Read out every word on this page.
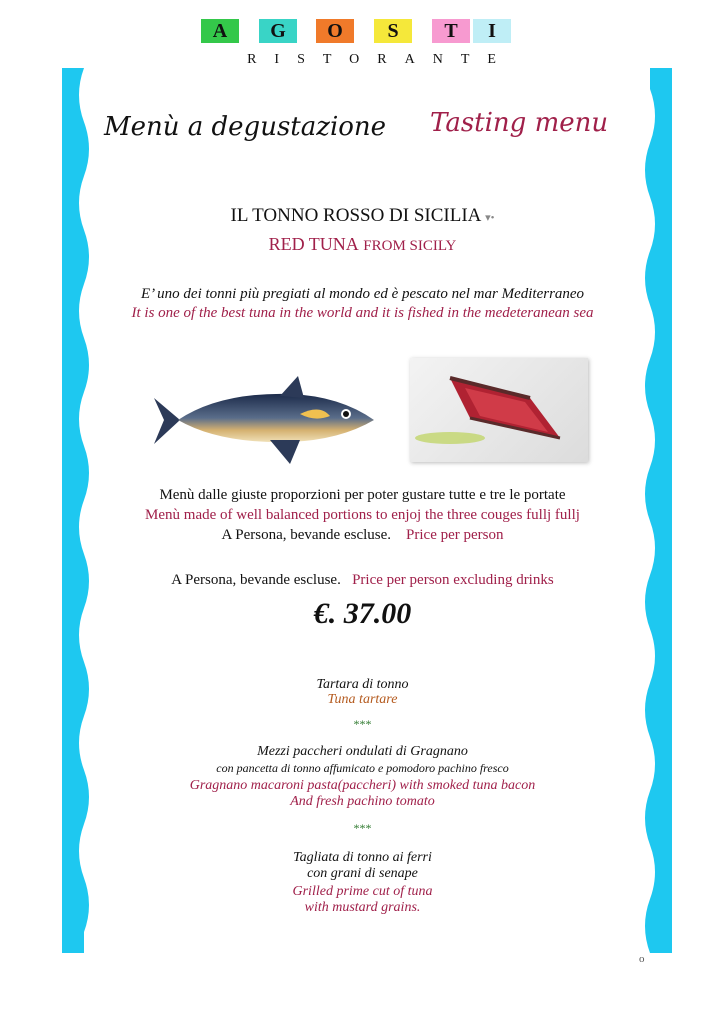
A	G	O	S	T	I
RISTORANTE
Menù a degustazione Tasting menu
IL TONNO ROSSO DI SICILIA ▾•
RED TUNA FROM SICILY
E’ uno dei tonni più pregiati al mondo ed è pescato nel mar Mediterraneo
It is one of the best tuna in the world and it is fished in the medeteranean sea
Menù dalle giuste proporzioni per poter gustare tutte e tre le portate
Menù made of well balanced portions to enjoj the three couges fullj fullj
A Persona, bevande escluse. Price per person
A Persona, bevande escluse. Price per person excluding drinks
€. 37.00
Tartara di tonno
Tuna tartare
***
Mezzi paccheri ondulati di Gragnano
con pancetta di tonno affumicato e pomodoro pachino fresco
Gragnano macaroni pasta(paccheri) with smoked tuna bacon
And fresh pachino tomato
***
Tagliata di tonno ai ferri
con grani di senape
Grilled prime cut of tuna
with mustard grains.
o
